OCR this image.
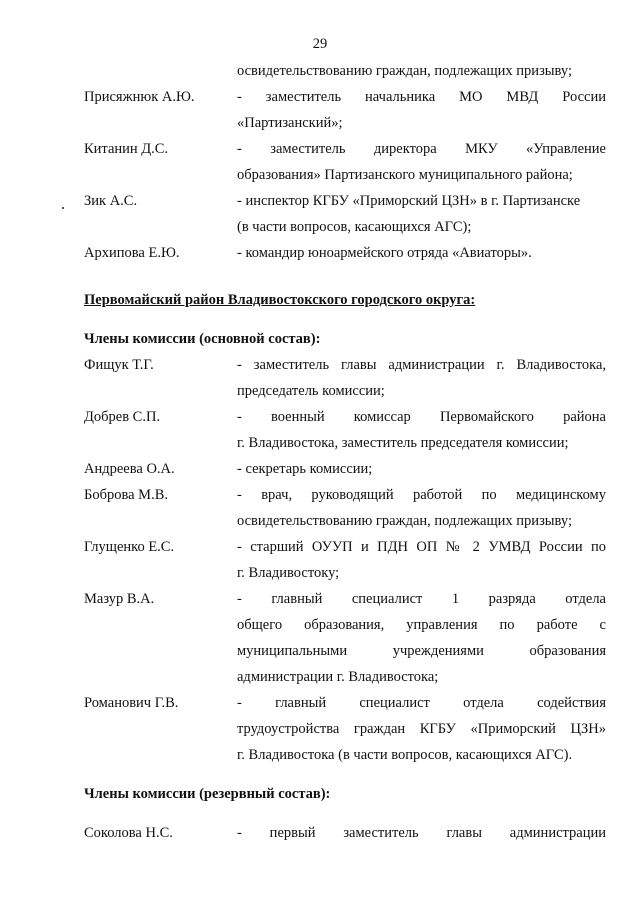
29
освидетельствованию граждан, подлежащих призыву;
Присяжнюк А.Ю.	- заместитель начальника МО МВД России
«Партизанский»;
Китанин Д.С.	- заместитель директора МКУ «Управление
образования» Партизанского муниципального района;
Зик А.С.	- инспектор КГБУ «Приморский ЦЗН» в г. Партизанске
(в части вопросов, касающихся АГС);
Архипова Е.Ю.	- командир юноармейского отряда «Авиаторы».
Первомайский район Владивостокского городского округа:
Члены комиссии (основной состав):
Фищук Т.Г.	- заместитель главы администрации г. Владивостока,
председатель комиссии;
Добрев С.П.	- военный комиссар Первомайского района
г. Владивостока, заместитель председателя комиссии;
Андреева О.А.	- секретарь комиссии;
Боброва М.В.	- врач, руководящий работой по медицинскому
освидетельствованию граждан, подлежащих призыву;
Глущенко Е.С.	- старший ОУУП и ПДН ОП № 2 УМВД России по
г. Владивостоку;
Мазур В.А.	- главный специалист 1 разряда отдела
общего образования, управления по работе с
муниципальными учреждениями образования
администрации г. Владивостока;
Романович Г.В.	- главный специалист отдела содействия
трудоустройства граждан КГБУ «Приморский ЦЗН»
г. Владивостока (в части вопросов, касающихся АГС).
Члены комиссии (резервный состав):
Соколова Н.С.	- первый заместитель главы администрации
